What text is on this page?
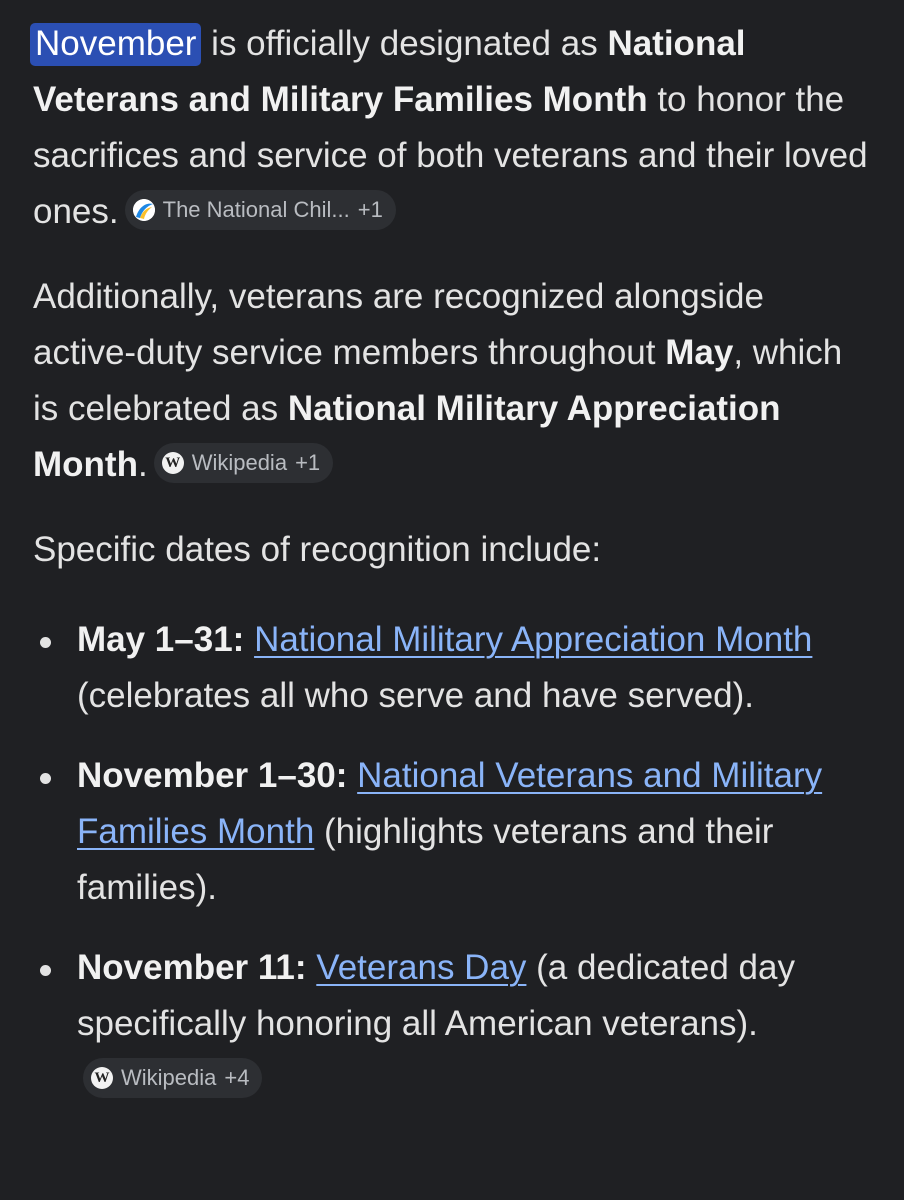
November is officially designated as National Veterans and Military Families Month to honor the sacrifices and service of both veterans and their loved ones. The National Chil... +1

Additionally, veterans are recognized alongside active-duty service members throughout May, which is celebrated as National Military Appreciation Month. W Wikipedia +1

Specific dates of recognition include:

May 1–31: National Military Appreciation Month (celebrates all who serve and have served).
November 1–30: National Veterans and Military Families Month (highlights veterans and their families).
November 11: Veterans Day (a dedicated day specifically honoring all American veterans).
W Wikipedia +4
